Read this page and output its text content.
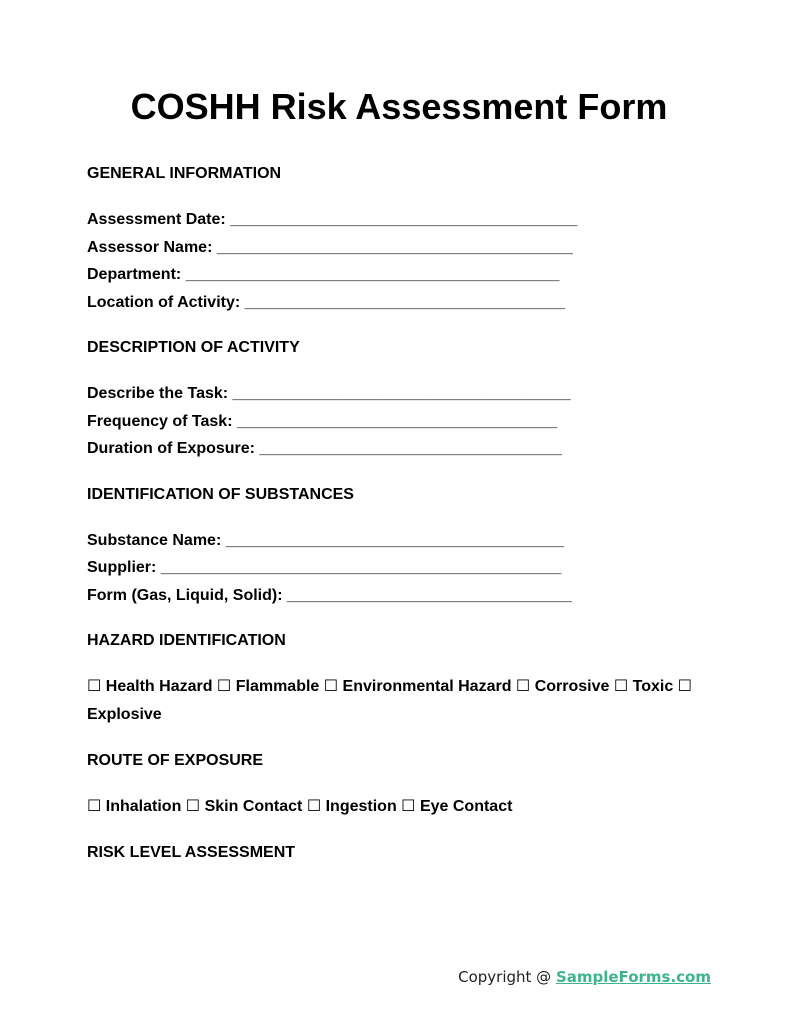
COSHH Risk Assessment Form

GENERAL INFORMATION

Assessment Date: _______________________________________
Assessor Name: ________________________________________
Department: __________________________________________
Location of Activity: ____________________________________

DESCRIPTION OF ACTIVITY

Describe the Task: ______________________________________
Frequency of Task: ____________________________________
Duration of Exposure: __________________________________

IDENTIFICATION OF SUBSTANCES

Substance Name: ______________________________________
Supplier: _____________________________________________
Form (Gas, Liquid, Solid): ________________________________

HAZARD IDENTIFICATION

☐ Health Hazard ☐ Flammable ☐ Environmental Hazard ☐ Corrosive ☐ Toxic ☐ Explosive

ROUTE OF EXPOSURE

☐ Inhalation ☐ Skin Contact ☐ Ingestion ☐ Eye Contact

RISK LEVEL ASSESSMENT

Copyright @ SampleForms.com
